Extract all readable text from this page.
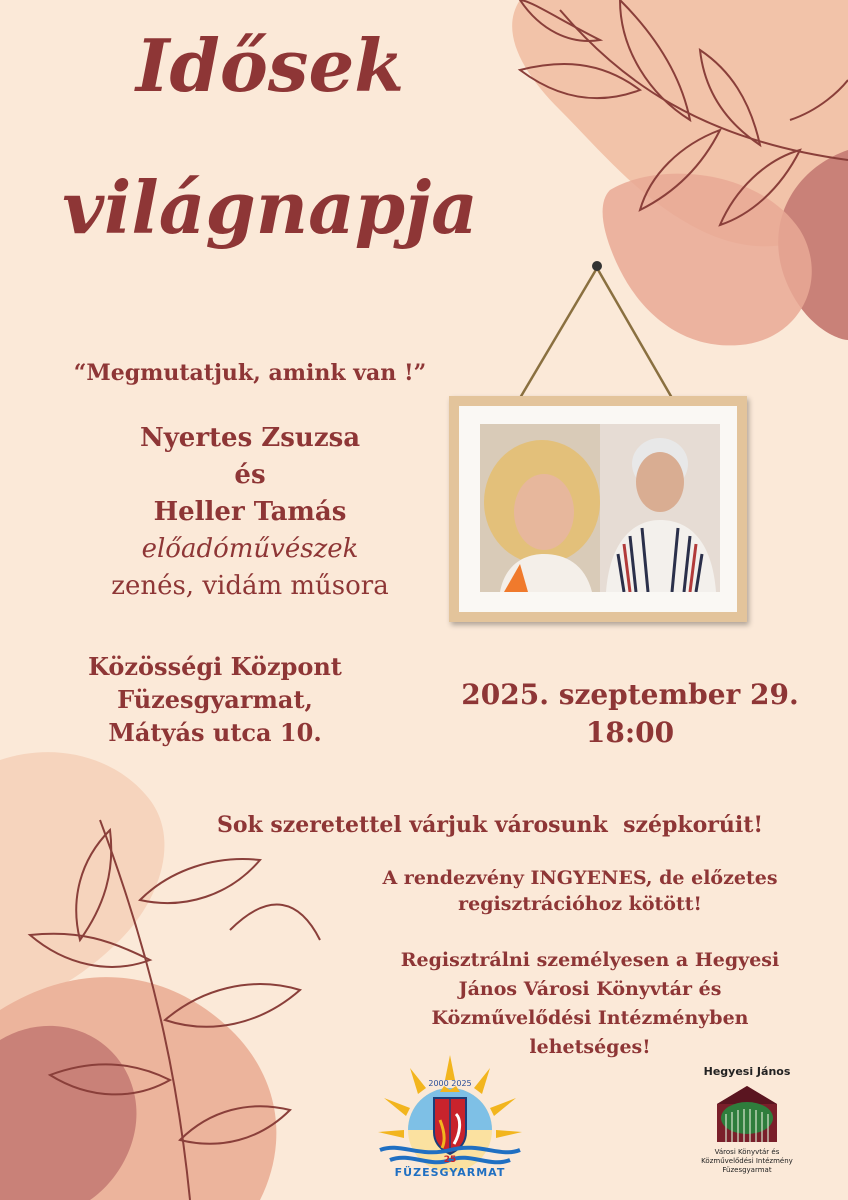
Idősek
világnapja
“Megmutatjuk, amink van !”
Nyertes Zsuzsa
és
Heller Tamás
előadóművészek
zenés, vidám műsora
Közösségi Központ
Füzesgyarmat,
Mátyás utca 10.
2025. szeptember 29.
18:00
Sok szeretettel várjuk városunk  szépkorúit!
A rendezvény INGYENES, de előzetes
regisztrációhoz kötött!
Regisztrálni személyesen a Hegyesi
János Városi Könyvtár és
Közművelődési Intézményben
lehetséges!
2000 2025
25
FÜZESGYARMAT
Hegyesi János
Városi Könyvtár és
Közművelődési Intézmény
Füzesgyarmat
